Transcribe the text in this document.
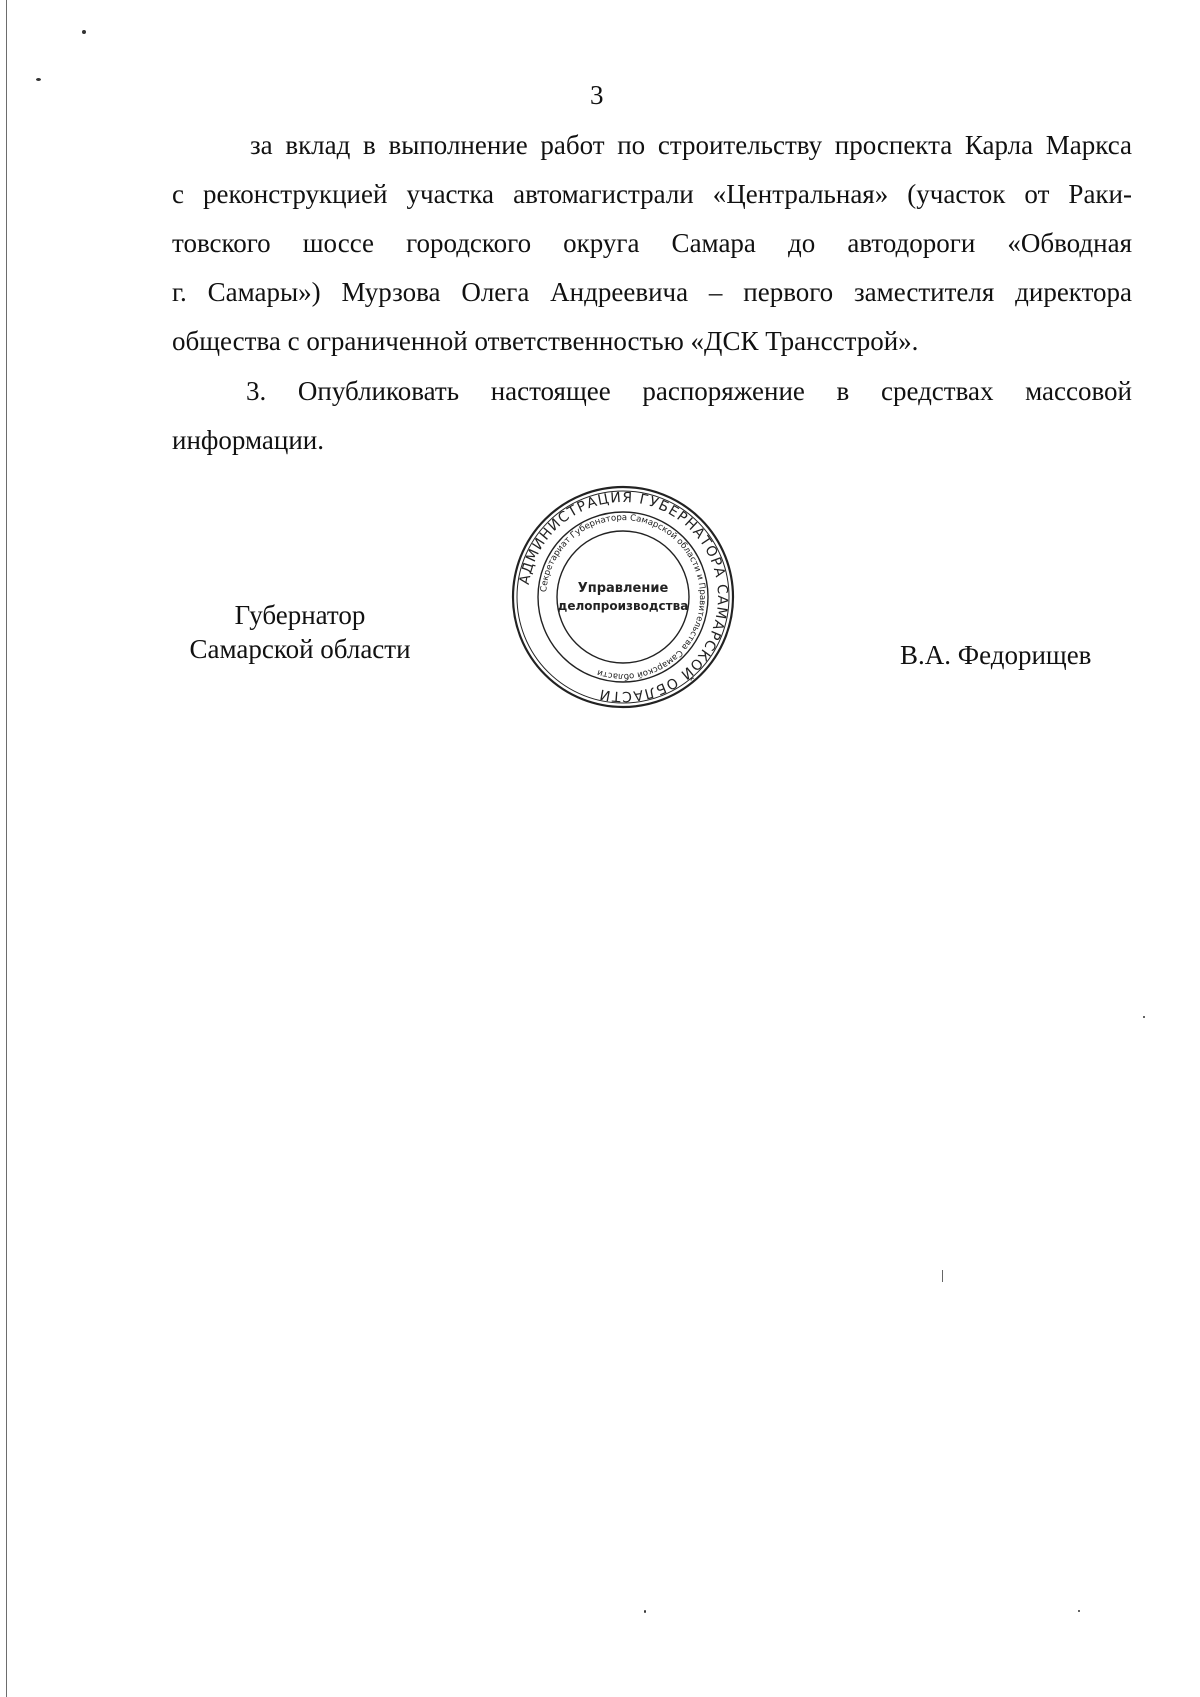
3
за вклад в выполнение работ по строительству проспекта Карла Маркса
с реконструкцией участка автомагистрали «Центральная» (участок от Раки-
товского шоссе городского округа Самара до автодороги «Обводная
г. Самары») Мурзова Олега Андреевича – первого заместителя директора
общества с ограниченной ответственностью «ДСК Трансстрой».
3. Опубликовать настоящее распоряжение в средствах массовой
информации.
Губернатор
Самарской области
АДМИНИСТРАЦИЯ ГУБЕРНАТОРА САМАРСКОЙ ОБЛАСТИ
Секретариат Губернатора Самарской области и Правительства Самарской области
Управление
делопроизводства
В.А. Федорищев
